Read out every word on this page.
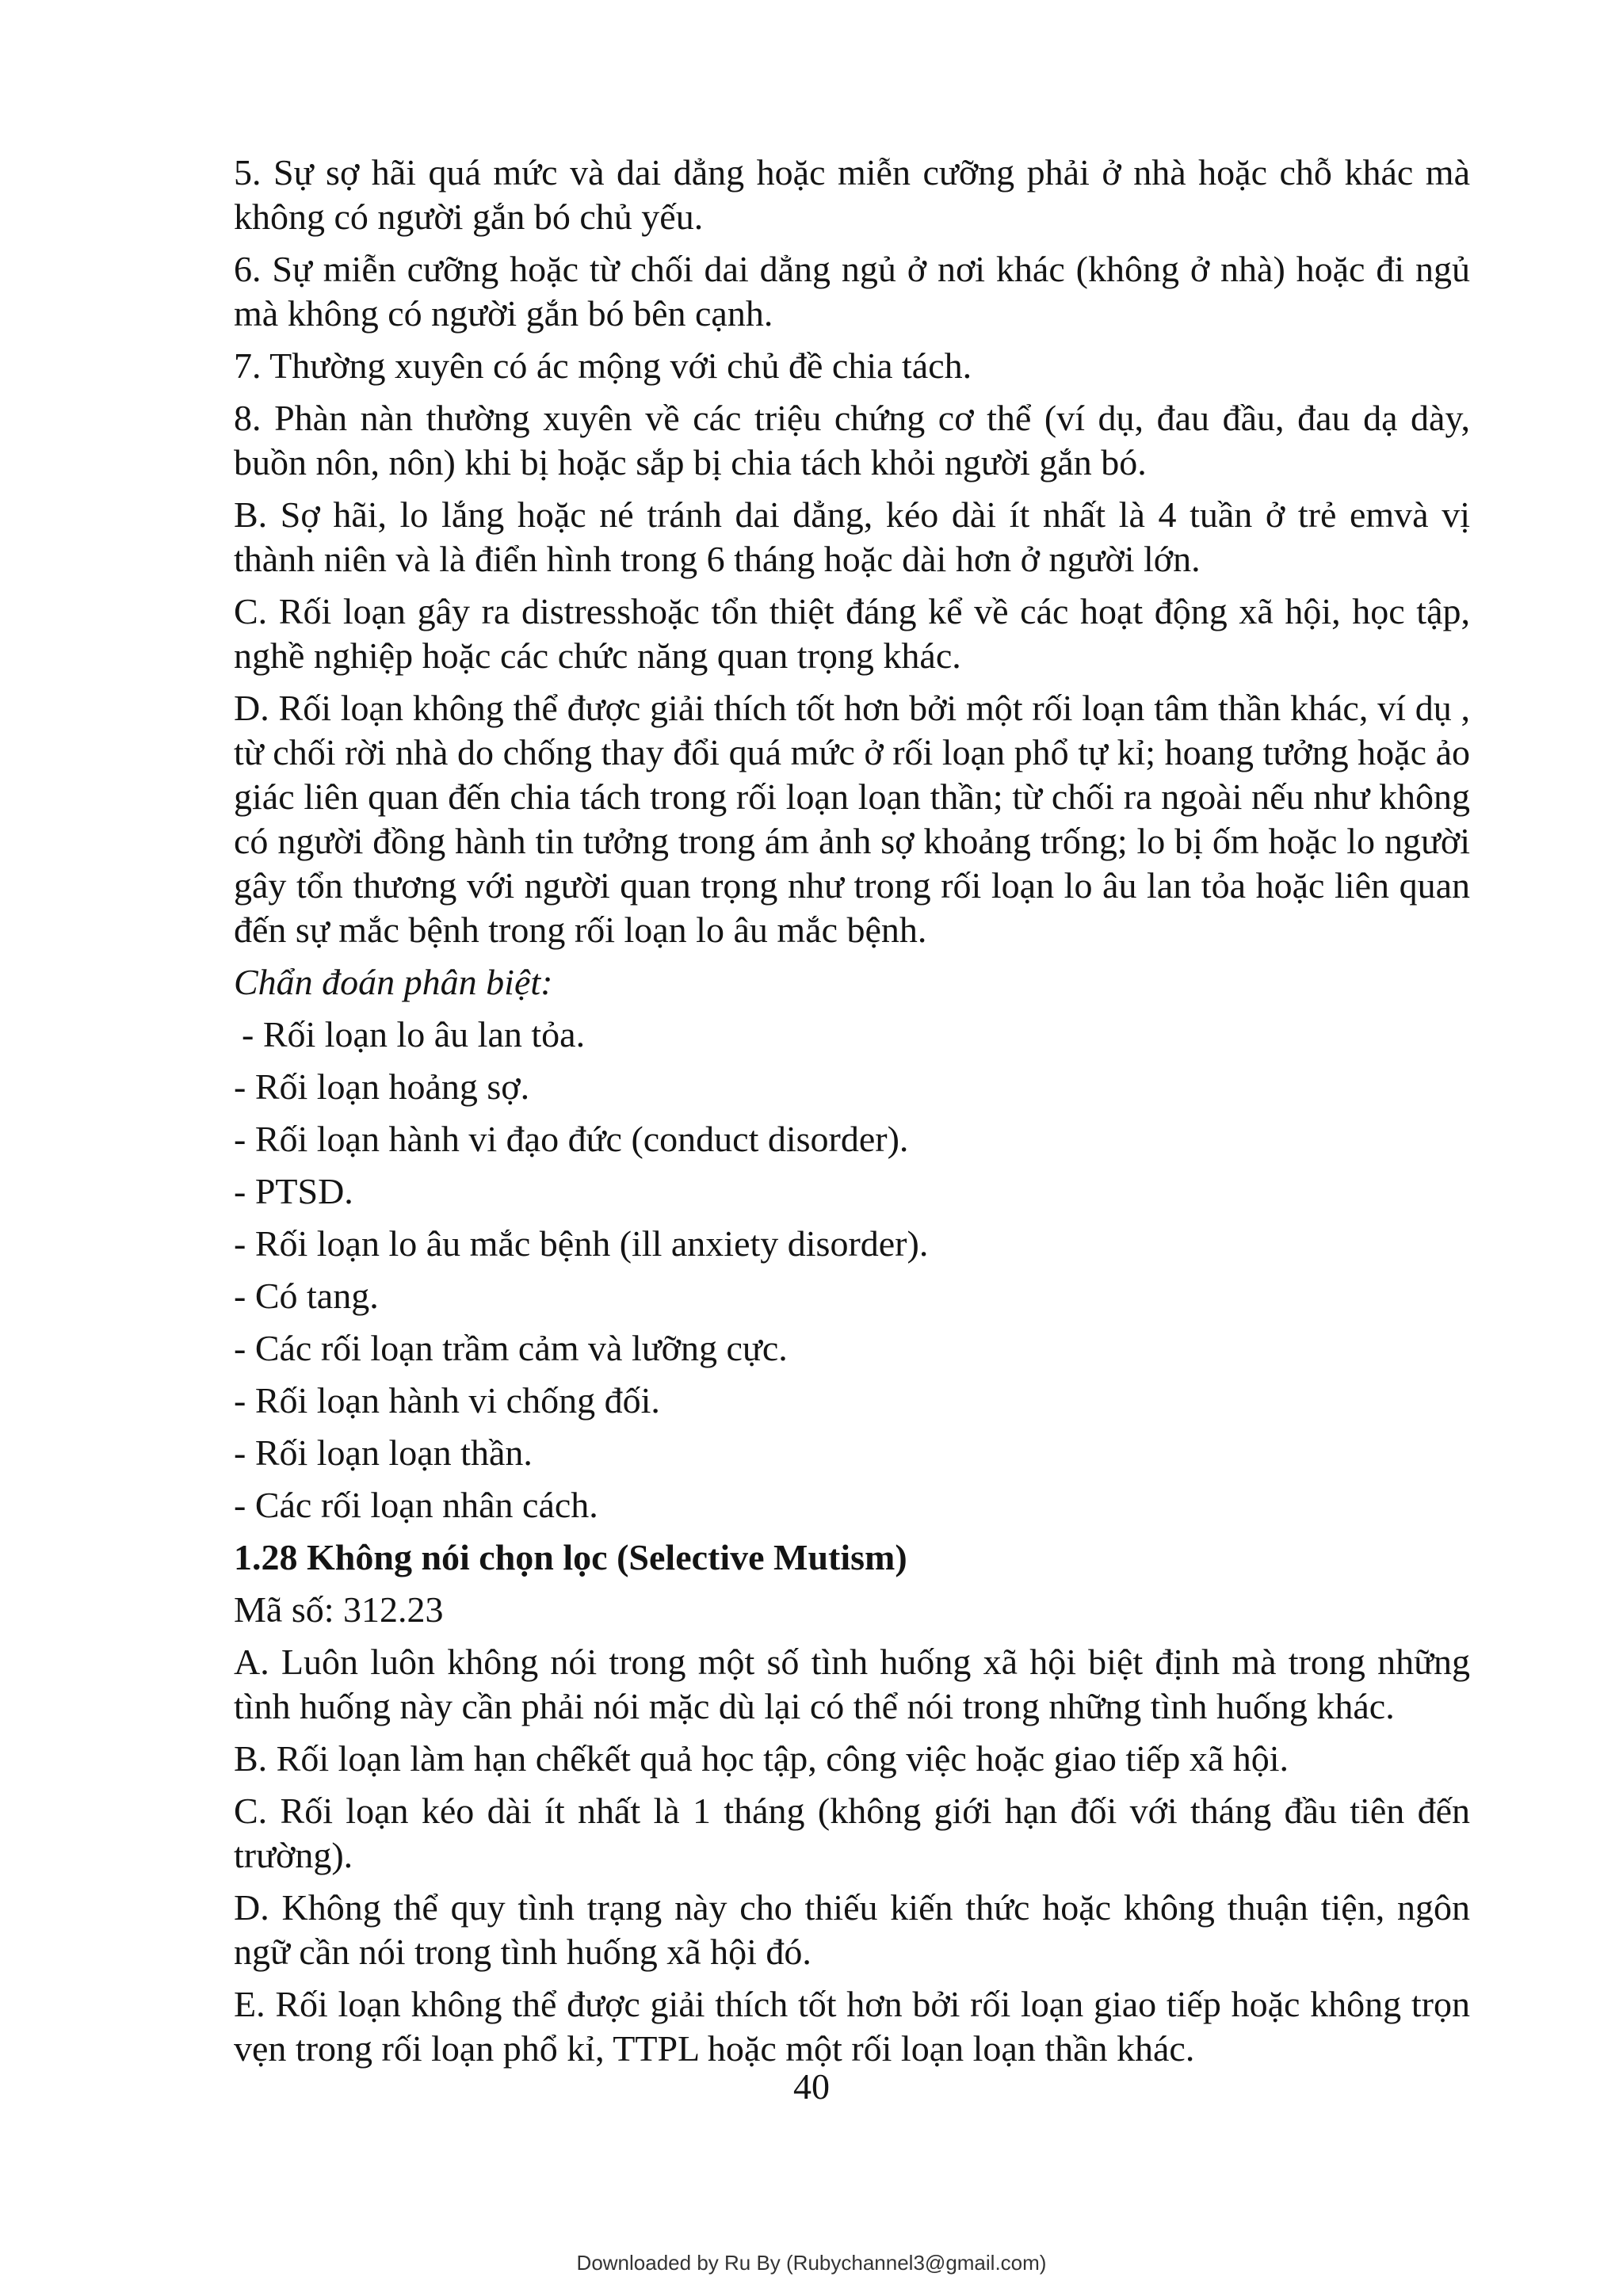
5. Sự sợ hãi quá mức và dai dẳng hoặc miễn cưỡng phải ở nhà hoặc chỗ khác mà không có người gắn bó chủ yếu.

6. Sự miễn cưỡng hoặc từ chối dai dẳng ngủ ở nơi khác (không ở nhà) hoặc đi ngủ mà không có người gắn bó bên cạnh.

7. Thường xuyên có ác mộng với chủ đề chia tách.

8. Phàn nàn thường xuyên về các triệu chứng cơ thể (ví dụ, đau đầu, đau dạ dày, buồn nôn, nôn) khi bị hoặc sắp bị chia tách khỏi người gắn bó.

B. Sợ hãi, lo lắng hoặc né tránh dai dẳng, kéo dài ít nhất là 4 tuần ở trẻ emvà vị thành niên và là điển hình trong 6 tháng hoặc dài hơn ở người lớn.

C. Rối loạn gây ra distresshoặc tổn thiệt đáng kể về các hoạt động xã hội, học tập, nghề nghiệp hoặc các chức năng quan trọng khác.

D. Rối loạn không thể được giải thích tốt hơn bởi một rối loạn tâm thần khác, ví dụ , từ chối rời nhà do chống thay đổi quá mức ở rối loạn phổ tự kỉ; hoang tưởng hoặc ảo giác liên quan đến chia tách trong rối loạn loạn thần; từ chối ra ngoài nếu như không có người đồng hành tin tưởng trong ám ảnh sợ khoảng trống; lo bị ốm hoặc lo người gây tổn thương với người quan trọng như trong rối loạn lo âu lan tỏa hoặc liên quan đến sự mắc bệnh trong rối loạn lo âu mắc bệnh.

Chẩn đoán phân biệt:

- Rối loạn lo âu lan tỏa.
- Rối loạn hoảng sợ.
- Rối loạn hành vi đạo đức (conduct disorder).
- PTSD.
- Rối loạn lo âu mắc bệnh (ill anxiety disorder).
- Có tang.
- Các rối loạn trầm cảm và lưỡng cực.
- Rối loạn hành vi chống đối.
- Rối loạn loạn thần.
- Các rối loạn nhân cách.
1.28 Không nói chọn lọc (Selective Mutism)

Mã số: 312.23

A. Luôn luôn không nói trong một số tình huống xã hội biệt định mà trong những tình huống này cần phải nói mặc dù lại có thể nói trong những tình huống khác.

B. Rối loạn làm hạn chếkết quả học tập, công việc hoặc giao tiếp xã hội.

C. Rối loạn kéo dài ít nhất là 1 tháng (không giới hạn đối với tháng đầu tiên đến trường).

D. Không thể quy tình trạng này cho thiếu kiến thức hoặc không thuận tiện, ngôn ngữ cần nói trong tình huống xã hội đó.

E. Rối loạn không thể được giải thích tốt hơn bởi rối loạn giao tiếp hoặc không trọn vẹn trong rối loạn phổ kỉ, TTPL hoặc một rối loạn loạn thần khác.

40
Downloaded by Ru By (Rubychannel3@gmail.com)
